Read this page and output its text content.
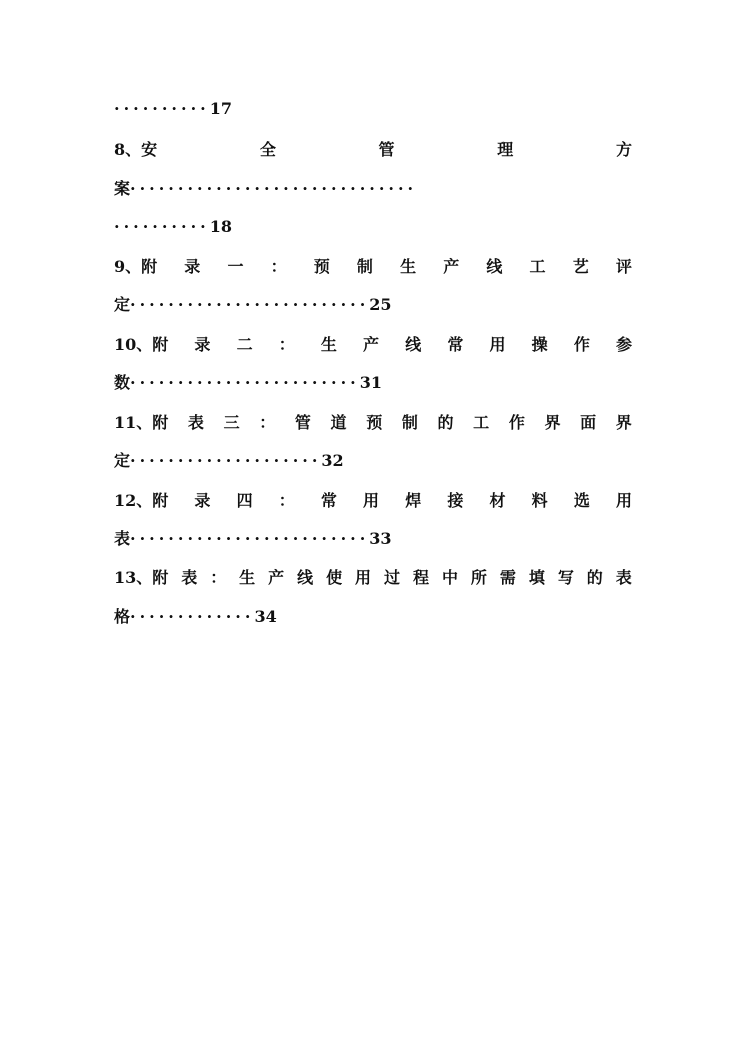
·········· 17
8、安	全	管	理	方
案 ······························
·········· 18
9、附 录 一 ： 预 制 生 产 线 工 艺 评
定 ························· 25
10、附 录 二 ： 生 产 线 常 用 操 作 参
数 ························ 31
11、附 表 三 ： 管 道 预 制 的 工 作 界 面 界
定 ···················· 32
12、附 录 四 ： 常 用 焊 接 材 料 选 用
表 ························· 33
13、附 表 ： 生 产 线 使 用 过 程 中 所 需 填 写 的 表
格 ············· 34
